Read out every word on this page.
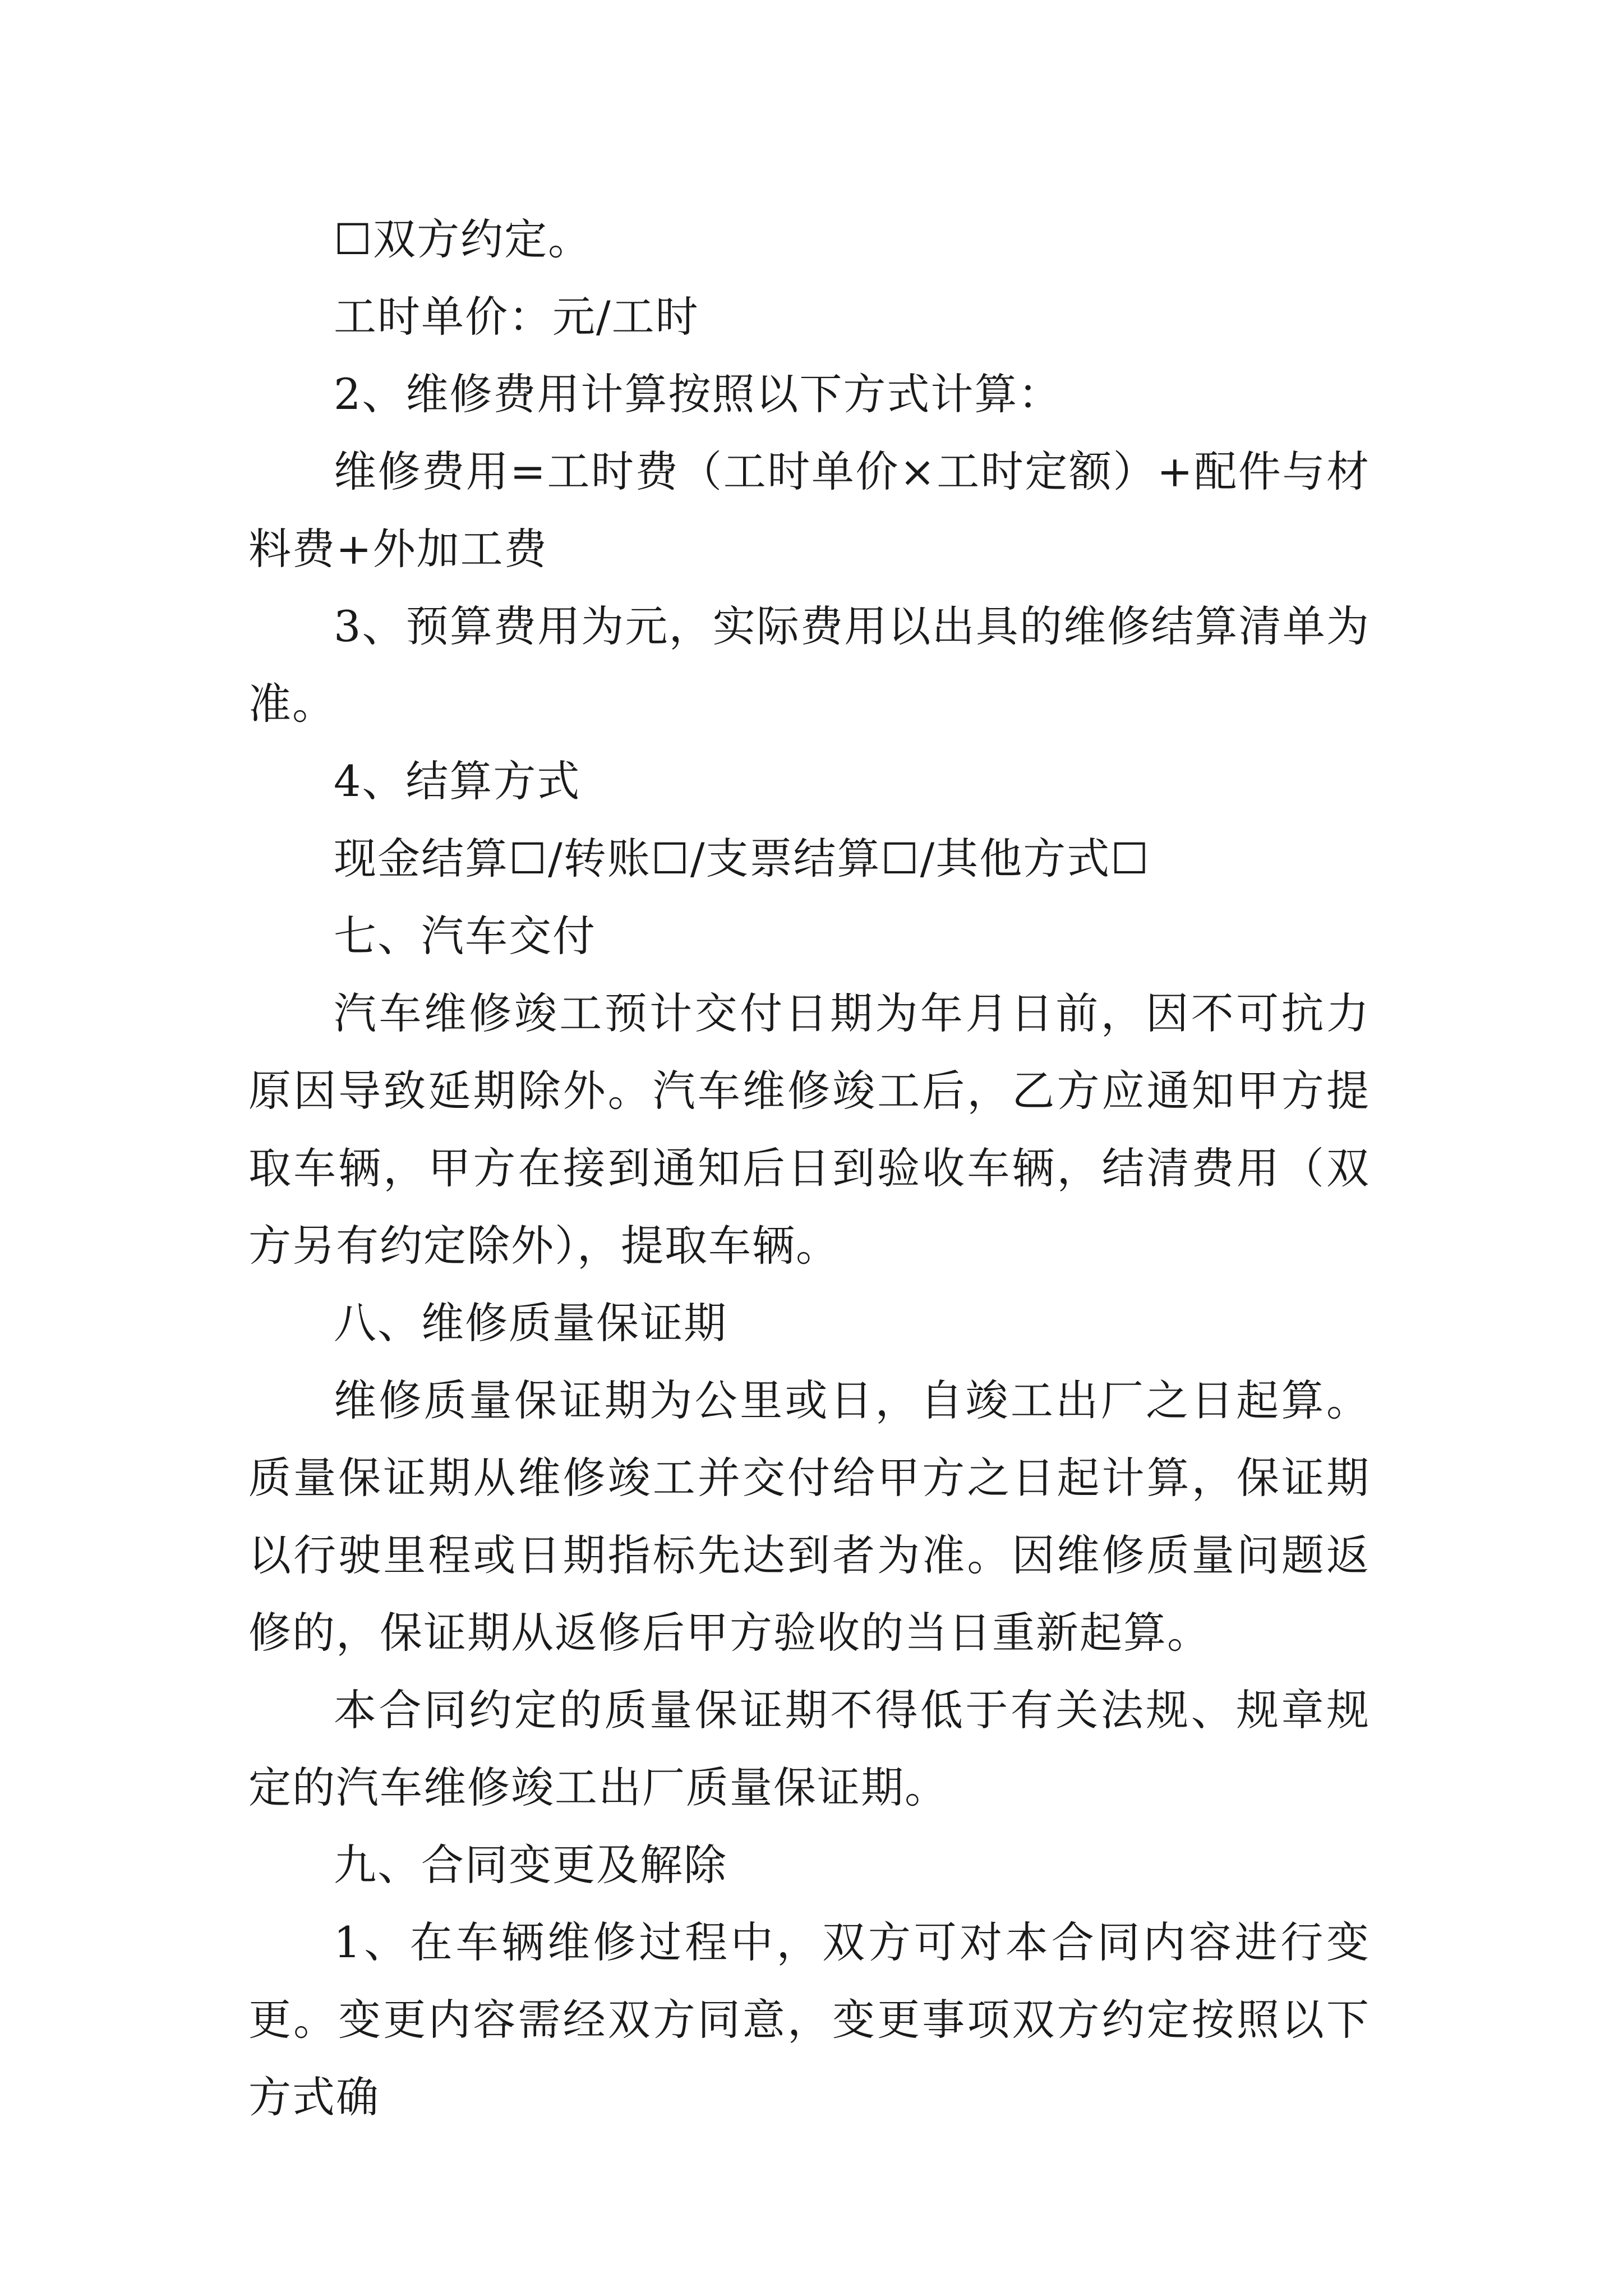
☐双方约定。

工时单价：元/工时

2、维修费用计算按照以下方式计算：

维修费用=工时费（工时单价×工时定额）+配件与材料费+外加工费

3、预算费用为元，实际费用以出具的维修结算清单为准。

4、结算方式

现金结算☐/转账☐/支票结算☐/其他方式☐

七、汽车交付

汽车维修竣工预计交付日期为年月日前，因不可抗力原因导致延期除外。汽车维修竣工后，乙方应通知甲方提取车辆，甲方在接到通知后日到验收车辆，结清费用（双方另有约定除外），提取车辆。

八、维修质量保证期

维修质量保证期为公里或日，自竣工出厂之日起算。质量保证期从维修竣工并交付给甲方之日起计算，保证期以行驶里程或日期指标先达到者为准。因维修质量问题返修的，保证期从返修后甲方验收的当日重新起算。

本合同约定的质量保证期不得低于有关法规、规章规定的汽车维修竣工出厂质量保证期。

九、合同变更及解除

1、在车辆维修过程中，双方可对本合同内容进行变更。变更内容需经双方同意，变更事项双方约定按照以下方式确
